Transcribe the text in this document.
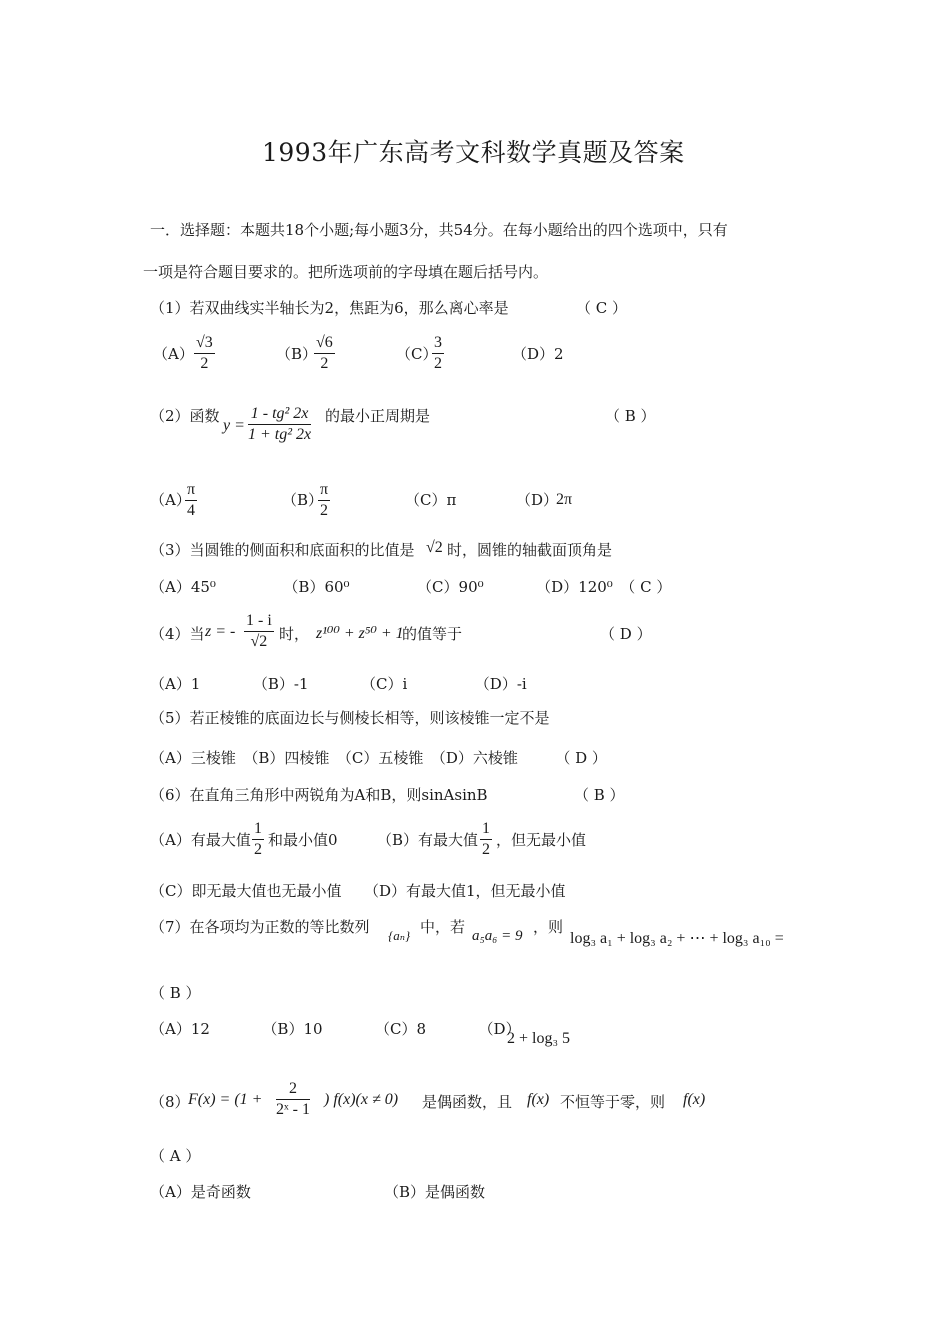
1993年广东高考文科数学真题及答案
一．选择题：本题共18个小题;每小题3分，共54分。在每小题给出的四个选项中，只有
一项是符合题目要求的。把所选项前的字母填在题后括号内。
（1）若双曲线实半轴长为2，焦距为6，那么离心率是	（ C ）
$(A) \frac{√3}{2}$	（B）
$\frac{√6}{2}$	（C）
$\frac{3}{2}$	（D）2
（2）函数
$y = \frac{\text{1 - tg² 2x}}{\text{1 + tg² 2x}}$ 的最小正周期是	（ B ）
（A）
$\frac{\pi}{4}$	（B）
$\frac{\pi}{2}$	（C）π	（D）
2π
（3）当圆锥的侧面积和底面积的比值是 √2 时，圆锥的轴截面顶角是
（A）45⁰　　　　　（B）60⁰　　　　　（C）90⁰　　　　（D）120⁰　（ C ）
（4）当 z = - $\frac{1 - i}{√2}$ 时， z¹⁰⁰ + z⁵⁰ + 1
的值等于	（ D ）
（A）1　　　　（B）-1　　　　（C）i　　　　　（D）-i
（5）若正棱锥的底面边长与侧棱长相等，则该棱锥一定不是
（A）三棱锥　（B）四棱锥　（C）五棱锥　（D）六棱锥　　　（ D ）
（6）在直角三角形中两锐角为A和B，则sinAsinB	（ B ）
（A）有最大值 $\frac{1}{2}$ 和最小值0	（B）有最大值 $\frac{1}{2}$ ，但无最小值
（C）即无最大值也无最小值　　（D）有最大值1，但无最小值
（7）在各项均为正数的等比数列 {aₙ} 中，若 a₅a₆ = 9 ，则
log₃ a₁ + log₃ a₂ + ⋯ + log₃ a₁₀ =
（ B ）
（A）12　　　　（B）10　　　　（C）8　　　　（D）
2 + log₃ 5
（8）
$F(x) = (1 + \frac{2}{\text{2ˣ - 1}}$ ) f(x)(x ≠ 0) 是偶函数，且 f(x) 不恒等于零，则 f(x)
（ A ）
（A）是奇函数	（B）是偶函数
